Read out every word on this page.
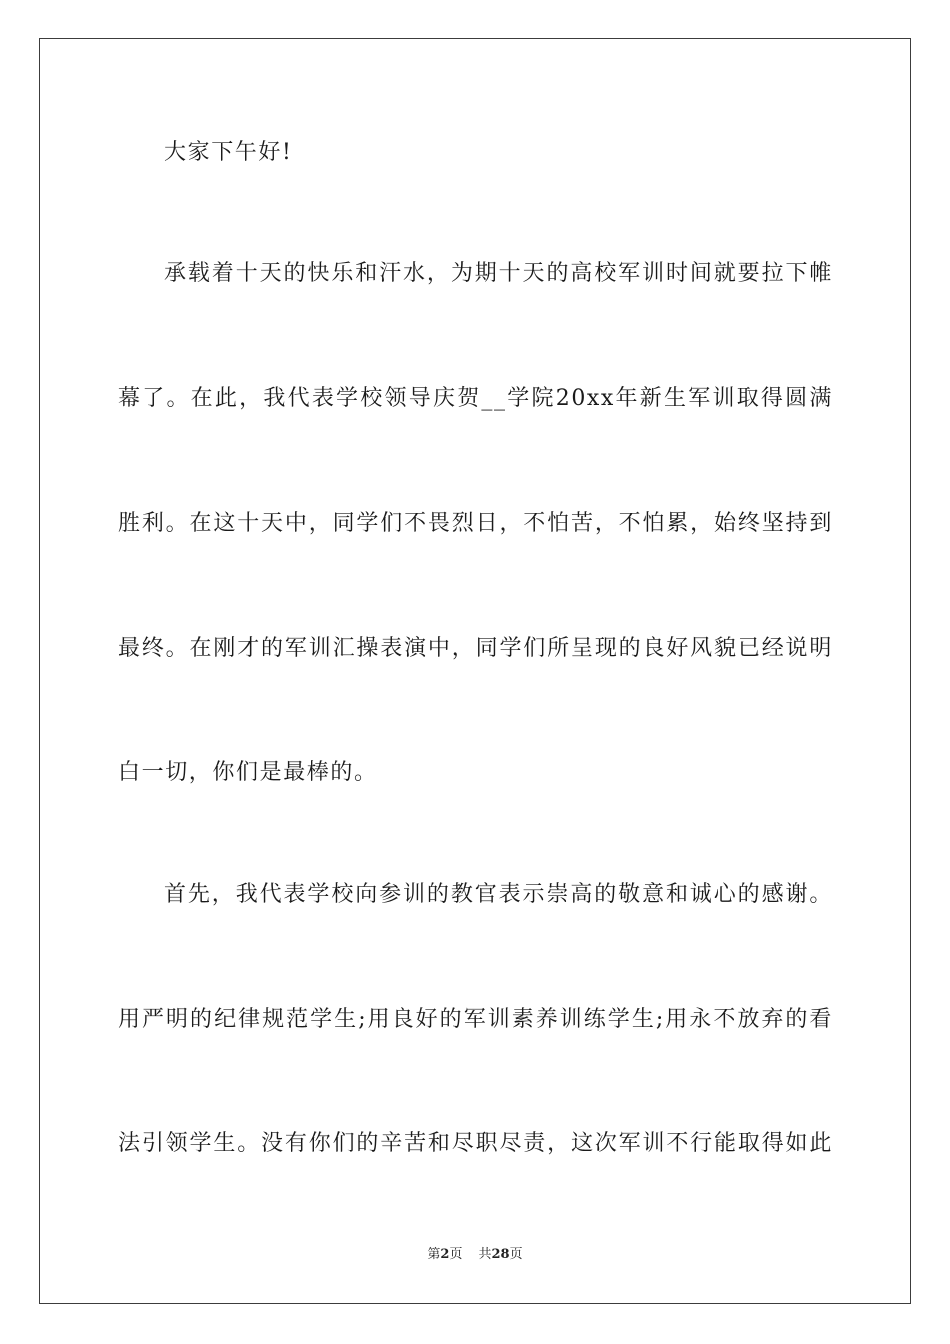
大家下午好!
承载着十天的快乐和汗水，为期十天的高校军训时间就要拉下帷
幕了。在此，我代表学校领导庆贺__学院20xx年新生军训取得圆满
胜利。在这十天中，同学们不畏烈日，不怕苦，不怕累，始终坚持到
最终。在刚才的军训汇操表演中，同学们所呈现的良好风貌已经说明
白一切，你们是最棒的。
首先，我代表学校向参训的教官表示崇高的敬意和诚心的感谢。
用严明的纪律规范学生;用良好的军训素养训练学生;用永不放弃的看
法引领学生。没有你们的辛苦和尽职尽责，这次军训不行能取得如此
第2页 共28页
